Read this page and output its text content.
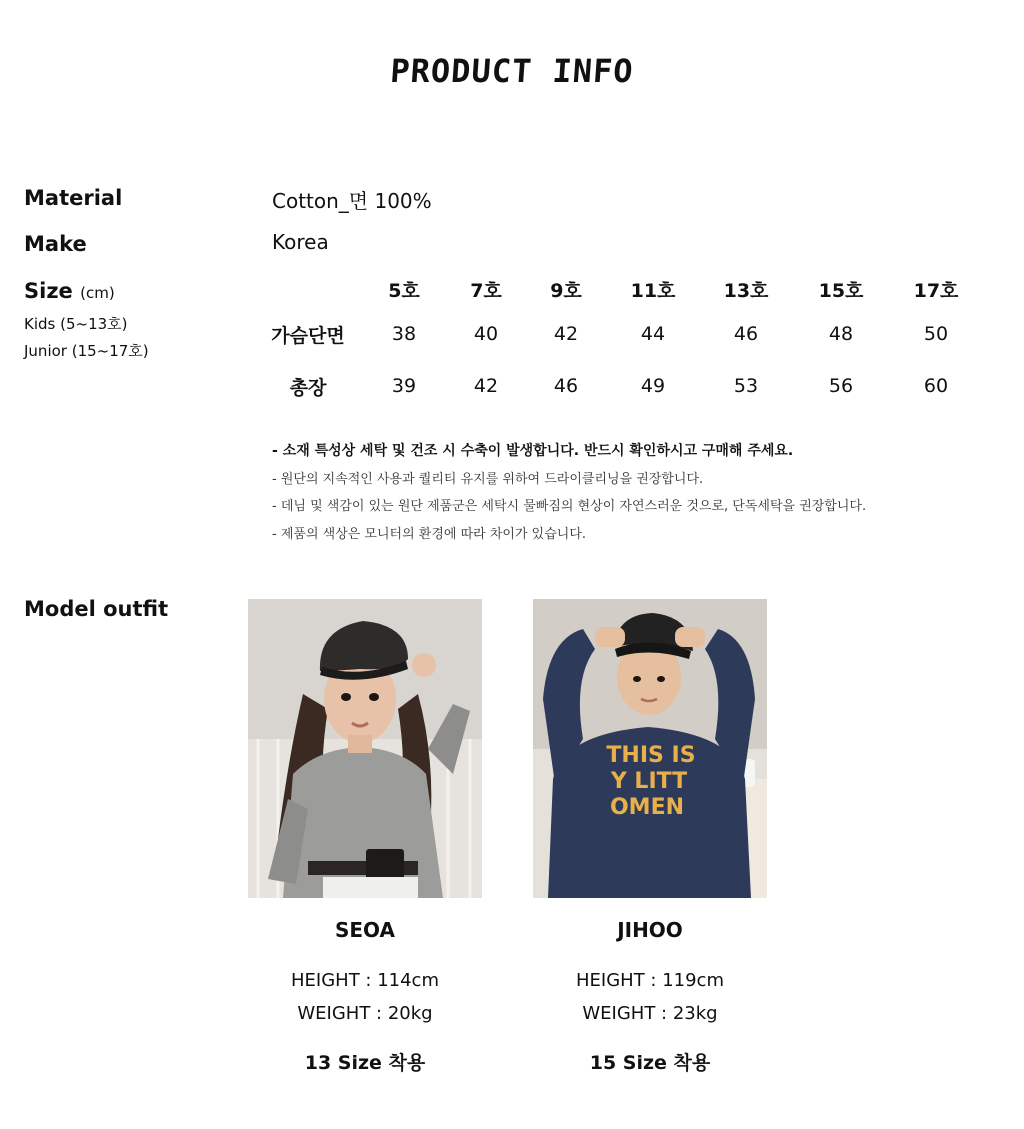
PRODUCT INFO
Material	Cotton_면 100%
Make	Korea
Size (cm)
Kids (5~13호)
Junior (15~17호)
	5호	7호	9호	11호	13호	15호	17호
가슴단면	38	40	42	44	46	48	50
총장	39	42	46	49	53	56	60
- 소재 특성상 세탁 및 건조 시 수축이 발생합니다. 반드시 확인하시고 구매해 주세요.
- 원단의 지속적인 사용과 퀄리티 유지를 위하여 드라이클리닝을 권장합니다.
- 데님 및 색감이 있는 원단 제품군은 세탁시 물빠짐의 현상이 자연스러운 것으로, 단독세탁을 권장합니다.
- 제품의 색상은 모니터의 환경에 따라 차이가 있습니다.
Model outfit
THIS IS
Y LITT
OMEN
SEOA
HEIGHT : 114cm
WEIGHT : 20kg
13 Size 착용
JIHOO
HEIGHT : 119cm
WEIGHT : 23kg
15 Size 착용
